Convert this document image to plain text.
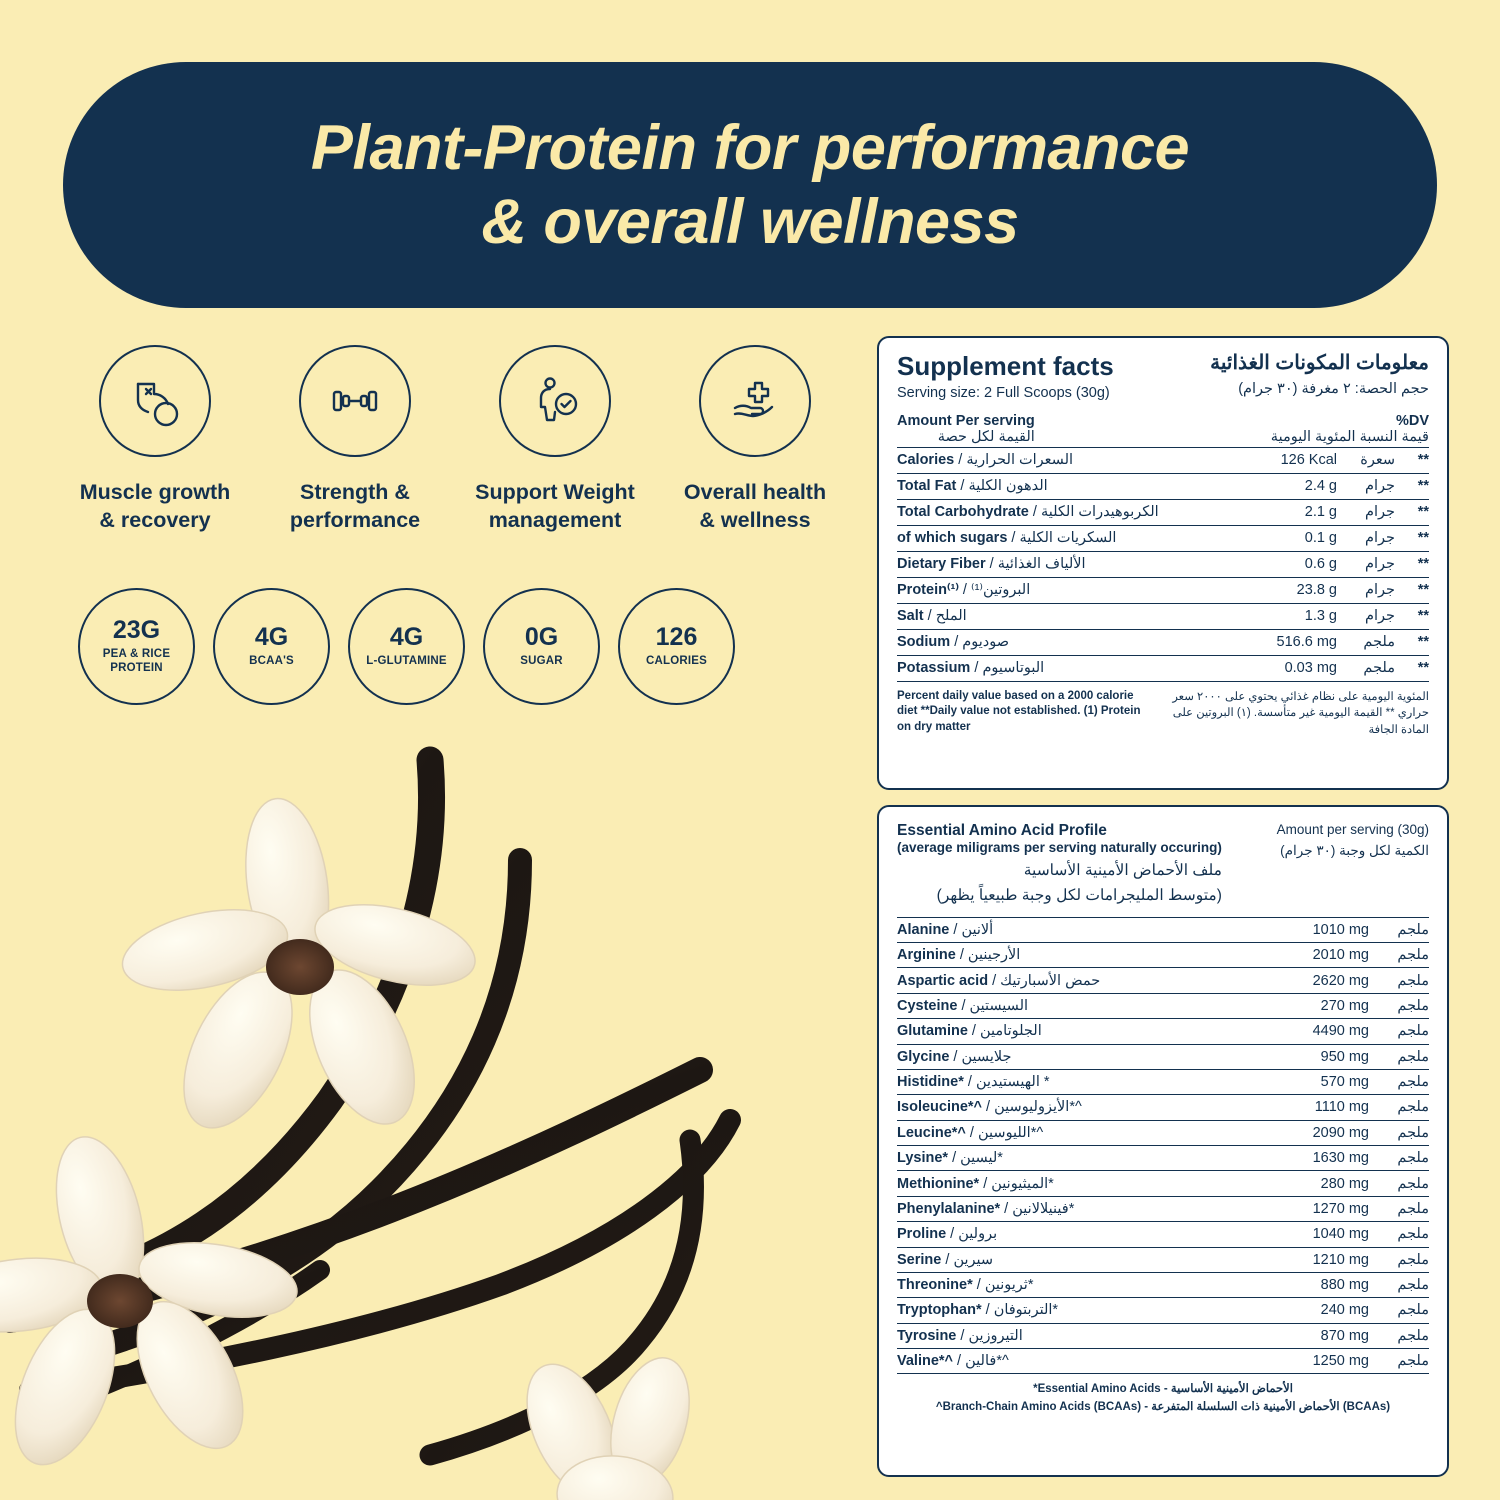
Plant-Protein for performance
& overall wellness
Muscle growth
& recovery
Strength &
performance
Support Weight
management
Overall health
& wellness
23G
PEA & RICE
PROTEIN
4G
BCAA'S
4G
L-GLUTAMINE
0G
SUGAR
126
CALORIES
Supplement facts
Serving size: 2 Full Scoops (30g)
معلومات المكونات الغذائية
حجم الحصة: ٢ مغرفة (٣٠ جرام)
Amount Per serving
القيمة لكل حصة
%DV
قيمة النسبة المئوية اليومية
Calories / السعرات الحرارية	126 Kcal	سعرة	**
Total Fat / الدهون الكلية	2.4 g	جرام	**
Total Carbohydrate / الكربوهيدرات الكلية	2.1 g	جرام	**
of which sugars / السكريات الكلية	0.1 g	جرام	**
Dietary Fiber / الألياف الغذائية	0.6 g	جرام	**
Protein⁽¹⁾ / البروتين⁽¹⁾	23.8 g	جرام	**
Salt / الملح	1.3 g	جرام	**
Sodium / صوديوم	516.6 mg	ملجم	**
Potassium / البوتاسيوم	0.03 mg	ملجم	**
Percent daily value based on a 2000 calorie diet **Daily value not established. (1) Protein on dry matter
المئوية اليومية على نظام غذائي يحتوي على ٢٠٠٠ سعر حراري ** القيمة اليومية غير متأسسة. (١) البروتين على المادة الجافة
Essential Amino Acid Profile
(average miligrams per serving naturally occuring)
ملف الأحماض الأمينية الأساسية
(متوسط المليجرامات لكل وجبة طبيعياً يظهر)
Amount per serving (30g)
الكمية لكل وجبة (٣٠ جرام)
Alanine / ألانين	1010 mg	ملجم
Arginine / الأرجينين	2010 mg	ملجم
Aspartic acid / حمض الأسبارتيك	2620 mg	ملجم
Cysteine / السيستين	270 mg	ملجم
Glutamine / الجلوتامين	4490 mg	ملجم
Glycine / جلايسين	950 mg	ملجم
Histidine* / الهيستيدين *	570 mg	ملجم
Isoleucine*^ / الأيزوليوسين*^	1110 mg	ملجم
Leucine*^ / الليوسين*^	2090 mg	ملجم
Lysine* / ليسين*	1630 mg	ملجم
Methionine* / الميثيونين*	280 mg	ملجم
Phenylalanine* / فينيلالانين*	1270 mg	ملجم
Proline / برولين	1040 mg	ملجم
Serine / سيرين	1210 mg	ملجم
Threonine* / ثريونين*	880 mg	ملجم
Tryptophan* / التربتوفان*	240 mg	ملجم
Tyrosine / التيروزين	870 mg	ملجم
Valine*^ / فالين*^	1250 mg	ملجم
*Essential Amino Acids - الأحماض الأمينية الأساسية
^Branch-Chain Amino Acids (BCAAs) - الأحماض الأمينية ذات السلسلة المتفرعة (BCAAs)
